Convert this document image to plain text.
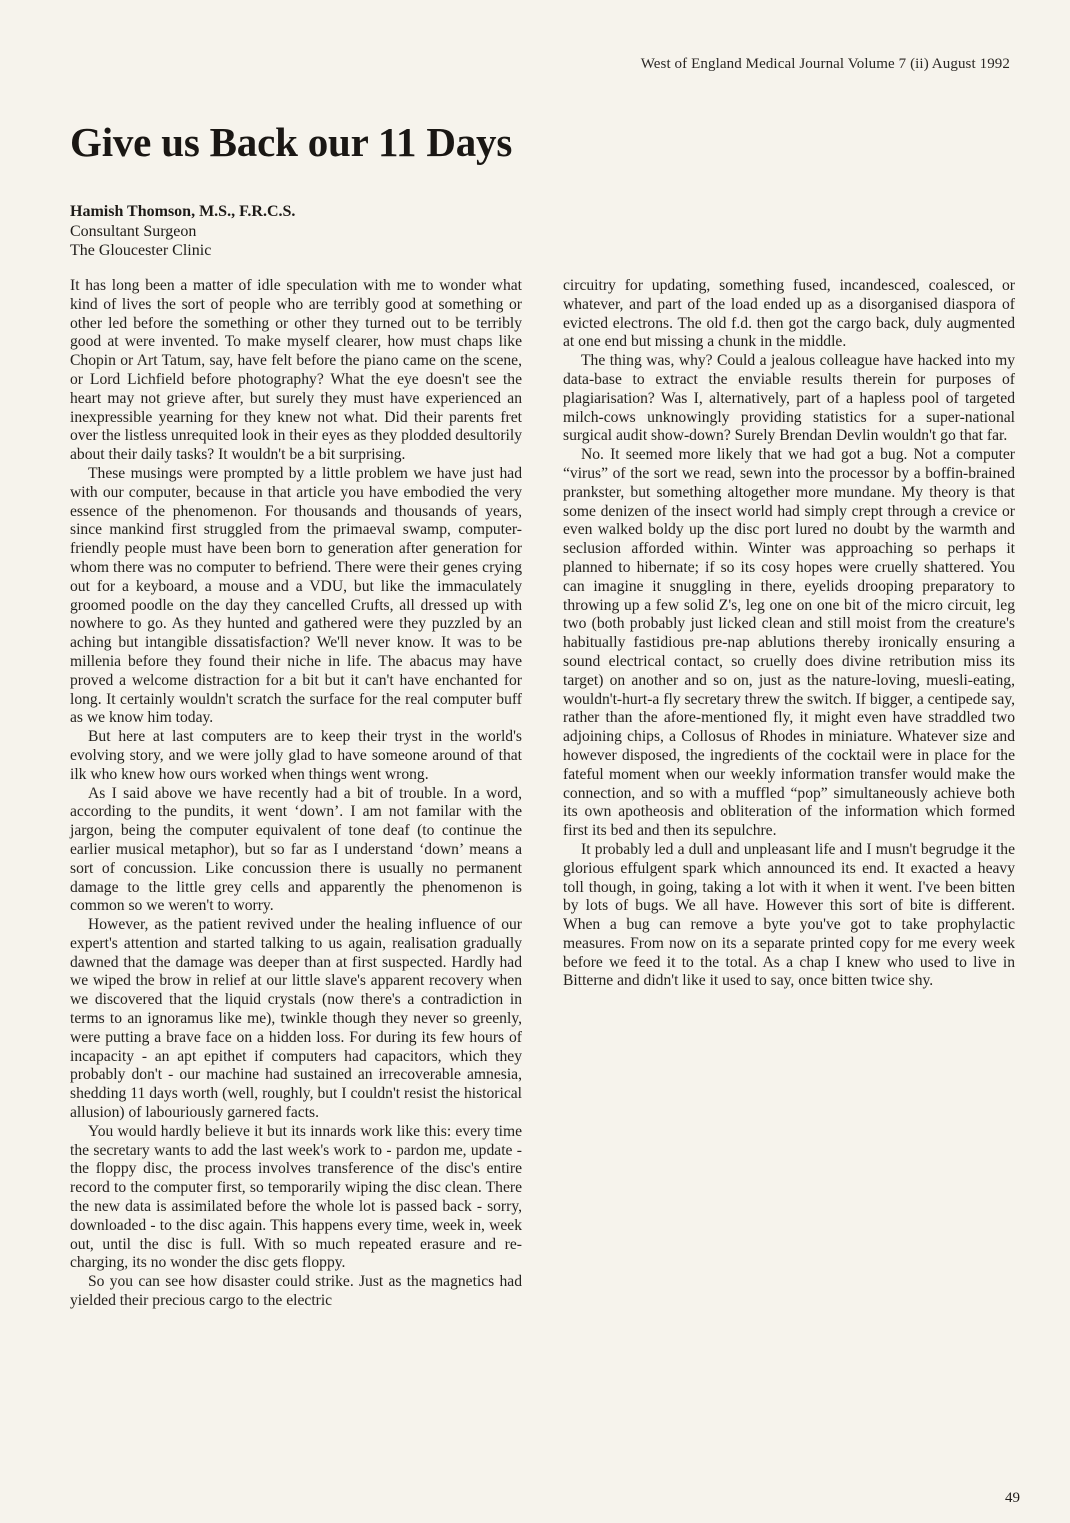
West of England Medical Journal Volume 7 (ii) August 1992
Give us Back our 11 Days
Hamish Thomson, M.S., F.R.C.S.
Consultant Surgeon
The Gloucester Clinic

It has long been a matter of idle speculation with me to wonder what kind of lives the sort of people who are terribly good at something or other led before the something or other they turned out to be terribly good at were invented. To make myself clearer, how must chaps like Chopin or Art Tatum, say, have felt before the piano came on the scene, or Lord Lichfield before photography? What the eye doesn't see the heart may not grieve after, but surely they must have experienced an inexpressible yearning for they knew not what. Did their parents fret over the listless unrequited look in their eyes as they plodded desultorily about their daily tasks? It wouldn't be a bit surprising.

These musings were prompted by a little problem we have just had with our computer, because in that article you have embodied the very essence of the phenomenon. For thousands and thousands of years, since mankind first struggled from the primaeval swamp, computer-friendly people must have been born to generation after generation for whom there was no computer to befriend. There were their genes crying out for a keyboard, a mouse and a VDU, but like the immaculately groomed poodle on the day they cancelled Crufts, all dressed up with nowhere to go. As they hunted and gathered were they puzzled by an aching but intangible dissatisfaction? We'll never know. It was to be millenia before they found their niche in life. The abacus may have proved a welcome distraction for a bit but it can't have enchanted for long. It certainly wouldn't scratch the surface for the real computer buff as we know him today.

But here at last computers are to keep their tryst in the world's evolving story, and we were jolly glad to have someone around of that ilk who knew how ours worked when things went wrong.

As I said above we have recently had a bit of trouble. In a word, according to the pundits, it went ‘down’. I am not familar with the jargon, being the computer equivalent of tone deaf (to continue the earlier musical metaphor), but so far as I understand ‘down’ means a sort of concussion. Like concussion there is usually no permanent damage to the little grey cells and apparently the phenomenon is common so we weren't to worry.

However, as the patient revived under the healing influence of our expert's attention and started talking to us again, realisation gradually dawned that the damage was deeper than at first suspected. Hardly had we wiped the brow in relief at our little slave's apparent recovery when we discovered that the liquid crystals (now there's a contradiction in terms to an ignoramus like me), twinkle though they never so greenly, were putting a brave face on a hidden loss. For during its few hours of incapacity - an apt epithet if computers had capacitors, which they probably don't - our machine had sustained an irrecoverable amnesia, shedding 11 days worth (well, roughly, but I couldn't resist the historical allusion) of labouriously garnered facts.

You would hardly believe it but its innards work like this: every time the secretary wants to add the last week's work to - pardon me, update - the floppy disc, the process involves transference of the disc's entire record to the computer first, so temporarily wiping the disc clean. There the new data is assimilated before the whole lot is passed back - sorry, downloaded - to the disc again. This happens every time, week in, week out, until the disc is full. With so much repeated erasure and re-charging, its no wonder the disc gets floppy.

So you can see how disaster could strike. Just as the magnetics had yielded their precious cargo to the electric

circuitry for updating, something fused, incandesced, coalesced, or whatever, and part of the load ended up as a disorganised diaspora of evicted electrons. The old f.d. then got the cargo back, duly augmented at one end but missing a chunk in the middle.

The thing was, why? Could a jealous colleague have hacked into my data-base to extract the enviable results therein for purposes of plagiarisation? Was I, alternatively, part of a hapless pool of targeted milch-cows unknowingly providing statistics for a super-national surgical audit show-down? Surely Brendan Devlin wouldn't go that far.

No. It seemed more likely that we had got a bug. Not a computer “virus” of the sort we read, sewn into the processor by a boffin-brained prankster, but something altogether more mundane. My theory is that some denizen of the insect world had simply crept through a crevice or even walked boldy up the disc port lured no doubt by the warmth and seclusion afforded within. Winter was approaching so perhaps it planned to hibernate; if so its cosy hopes were cruelly shattered. You can imagine it snuggling in there, eyelids drooping preparatory to throwing up a few solid Z's, leg one on one bit of the micro circuit, leg two (both probably just licked clean and still moist from the creature's habitually fastidious pre-nap ablutions thereby ironically ensuring a sound electrical contact, so cruelly does divine retribution miss its target) on another and so on, just as the nature-loving, muesli-eating, wouldn't-hurt-a fly secretary threw the switch. If bigger, a centipede say, rather than the afore-mentioned fly, it might even have straddled two adjoining chips, a Collosus of Rhodes in miniature. Whatever size and however disposed, the ingredients of the cocktail were in place for the fateful moment when our weekly information transfer would make the connection, and so with a muffled “pop” simultaneously achieve both its own apotheosis and obliteration of the information which formed first its bed and then its sepulchre.

It probably led a dull and unpleasant life and I musn't begrudge it the glorious effulgent spark which announced its end. It exacted a heavy toll though, in going, taking a lot with it when it went. I've been bitten by lots of bugs. We all have. However this sort of bite is different. When a bug can remove a byte you've got to take prophylactic measures. From now on its a separate printed copy for me every week before we feed it to the total. As a chap I knew who used to live in Bitterne and didn't like it used to say, once bitten twice shy.

49
